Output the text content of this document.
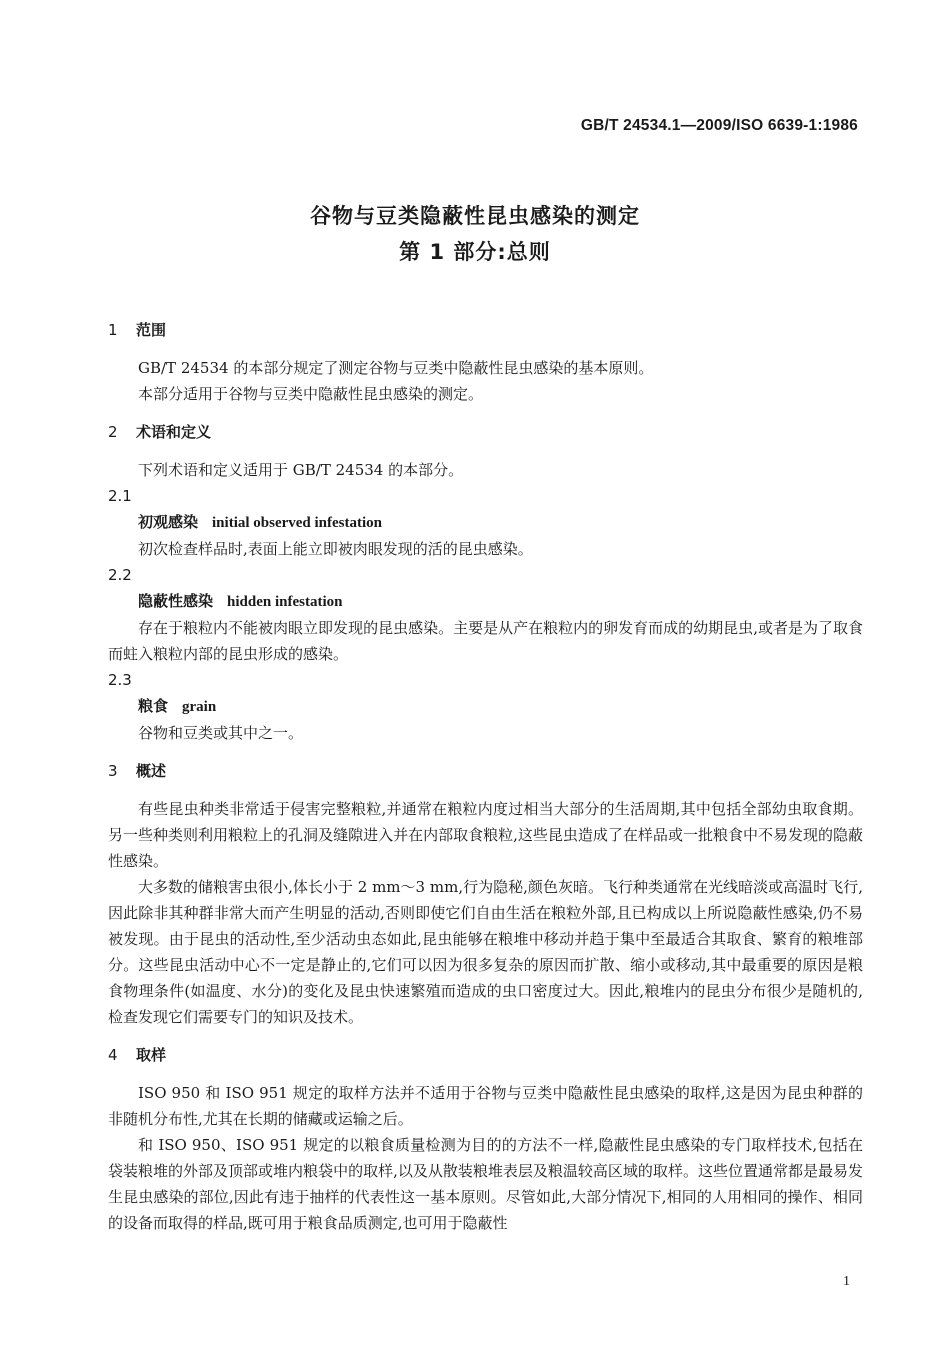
GB/T 24534.1—2009/ISO 6639-1:1986
谷物与豆类隐蔽性昆虫感染的测定
第 1 部分:总则

1 范围

GB/T 24534 的本部分规定了测定谷物与豆类中隐蔽性昆虫感染的基本原则。

本部分适用于谷物与豆类中隐蔽性昆虫感染的测定。

2 术语和定义

下列术语和定义适用于 GB/T 24534 的本部分。

2.1

初观感染 initial observed infestation

初次检查样品时,表面上能立即被肉眼发现的活的昆虫感染。

2.2

隐蔽性感染 hidden infestation

存在于粮粒内不能被肉眼立即发现的昆虫感染。主要是从产在粮粒内的卵发育而成的幼期昆虫,或者是为了取食而蛀入粮粒内部的昆虫形成的感染。

2.3

粮食 grain

谷物和豆类或其中之一。

3 概述

有些昆虫种类非常适于侵害完整粮粒,并通常在粮粒内度过相当大部分的生活周期,其中包括全部幼虫取食期。另一些种类则利用粮粒上的孔洞及缝隙进入并在内部取食粮粒,这些昆虫造成了在样品或一批粮食中不易发现的隐蔽性感染。

大多数的储粮害虫很小,体长小于 2 mm～3 mm,行为隐秘,颜色灰暗。飞行种类通常在光线暗淡或高温时飞行,因此除非其种群非常大而产生明显的活动,否则即使它们自由生活在粮粒外部,且已构成以上所说隐蔽性感染,仍不易被发现。由于昆虫的活动性,至少活动虫态如此,昆虫能够在粮堆中移动并趋于集中至最适合其取食、繁育的粮堆部分。这些昆虫活动中心不一定是静止的,它们可以因为很多复杂的原因而扩散、缩小或移动,其中最重要的原因是粮食物理条件(如温度、水分)的变化及昆虫快速繁殖而造成的虫口密度过大。因此,粮堆内的昆虫分布很少是随机的,检查发现它们需要专门的知识及技术。

4 取样

ISO 950 和 ISO 951 规定的取样方法并不适用于谷物与豆类中隐蔽性昆虫感染的取样,这是因为昆虫种群的非随机分布性,尤其在长期的储藏或运输之后。

和 ISO 950、ISO 951 规定的以粮食质量检测为目的的方法不一样,隐蔽性昆虫感染的专门取样技术,包括在袋装粮堆的外部及顶部或堆内粮袋中的取样,以及从散装粮堆表层及粮温较高区域的取样。这些位置通常都是最易发生昆虫感染的部位,因此有违于抽样的代表性这一基本原则。尽管如此,大部分情况下,相同的人用相同的操作、相同的设备而取得的样品,既可用于粮食品质测定,也可用于隐蔽性

1
